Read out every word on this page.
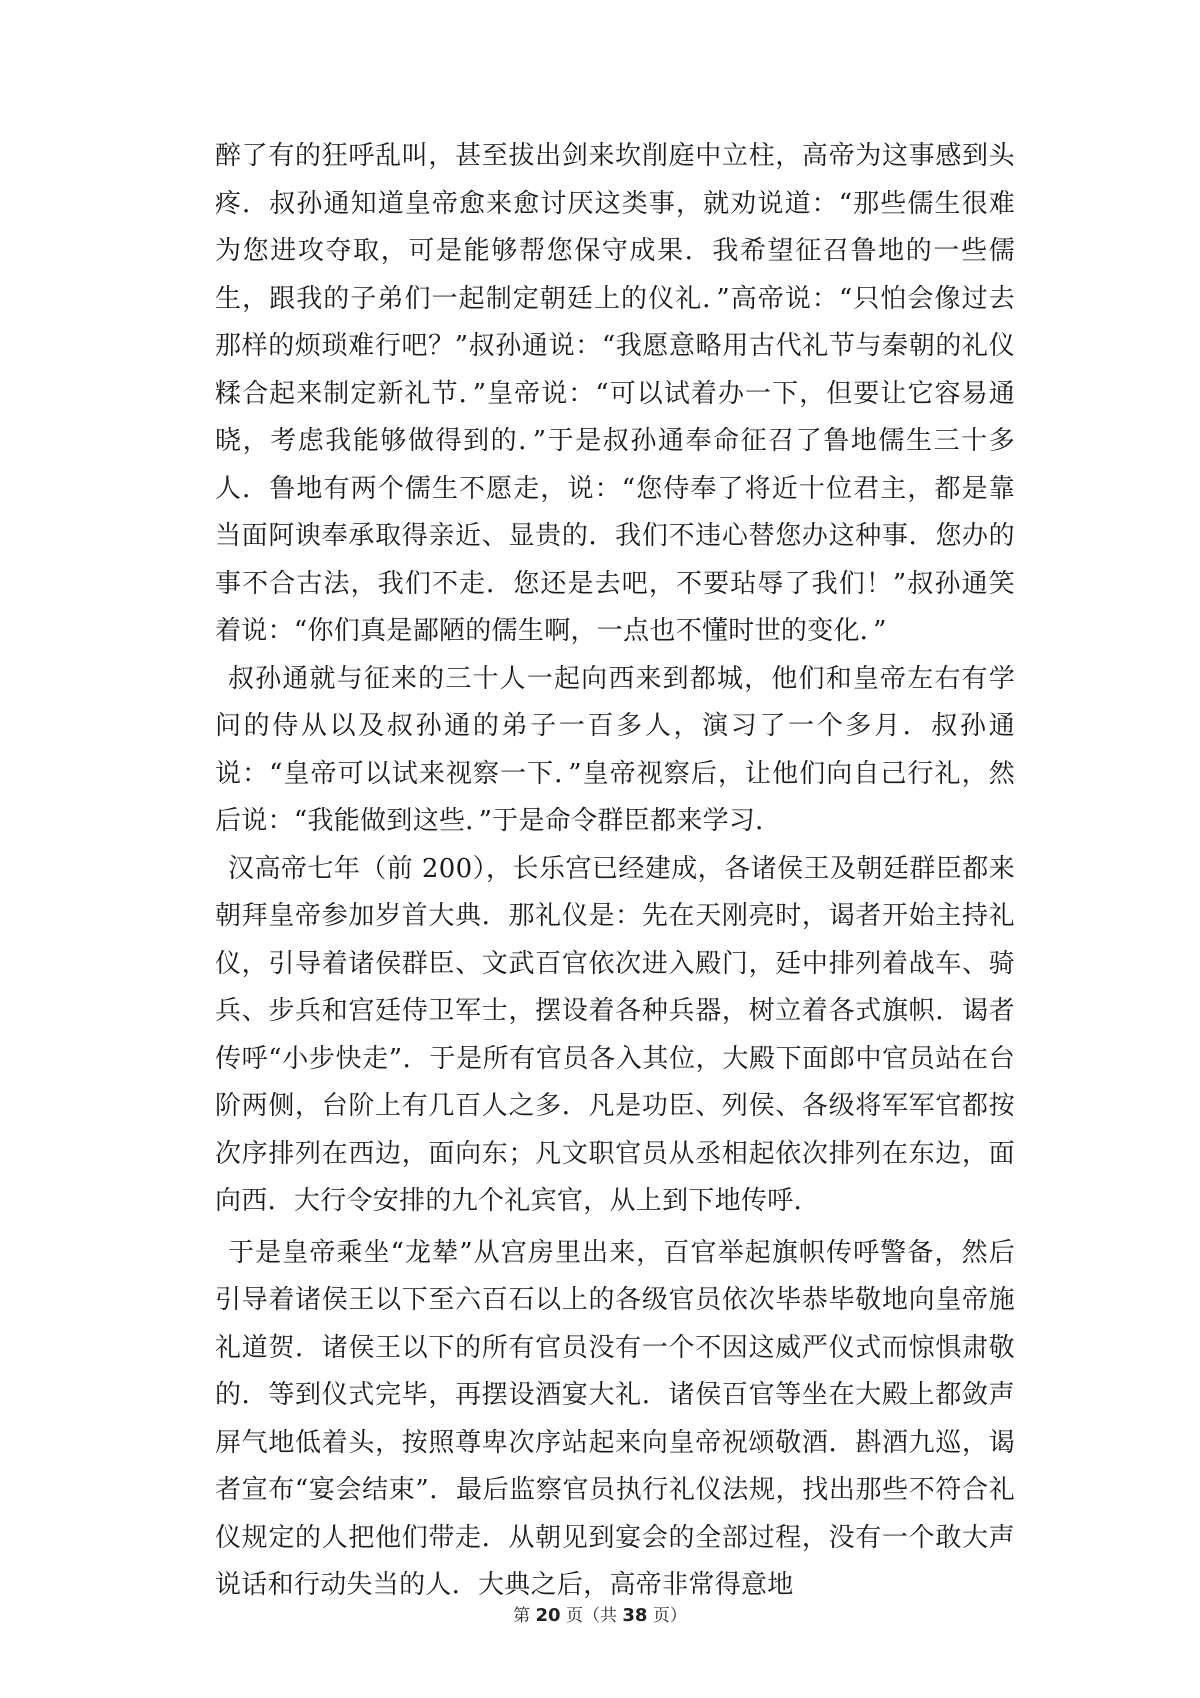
醉了有的狂呼乱叫，甚至拔出剑来坎削庭中立柱，高帝为这事感到头疼．叔孙通知道皇帝愈来愈讨厌这类事，就劝说道：“那些儒生很难为您进攻夺取，可是能够帮您保守成果．我希望征召鲁地的一些儒生，跟我的子弟们一起制定朝廷上的仪礼．”高帝说：“只怕会像过去那样的烦琐难行吧？”叔孙通说：“我愿意略用古代礼节与秦朝的礼仪糅合起来制定新礼节．”皇帝说：“可以试着办一下，但要让它容易通晓，考虑我能够做得到的．”于是叔孙通奉命征召了鲁地儒生三十多人．鲁地有两个儒生不愿走，说：“您侍奉了将近十位君主，都是靠当面阿谀奉承取得亲近、显贵的．我们不违心替您办这种事．您办的事不合古法，我们不走．您还是去吧，不要玷辱了我们！”叔孙通笑着说：“你们真是鄙陋的儒生啊，一点也不懂时世的变化．”

叔孙通就与征来的三十人一起向西来到都城，他们和皇帝左右有学问的侍从以及叔孙通的弟子一百多人，演习了一个多月．叔孙通说：“皇帝可以试来视察一下．”皇帝视察后，让他们向自己行礼，然后说：“我能做到这些．”于是命令群臣都来学习．

汉高帝七年（前 200），长乐宫已经建成，各诸侯王及朝廷群臣都来朝拜皇帝参加岁首大典．那礼仪是：先在天刚亮时，谒者开始主持礼仪，引导着诸侯群臣、文武百官依次进入殿门，廷中排列着战车、骑兵、步兵和宫廷侍卫军士，摆设着各种兵器，树立着各式旗帜．谒者传呼“小步快走”．于是所有官员各入其位，大殿下面郎中官员站在台阶两侧，台阶上有几百人之多．凡是功臣、列侯、各级将军军官都按次序排列在西边，面向东；凡文职官员从丞相起依次排列在东边，面向西．大行令安排的九个礼宾官，从上到下地传呼．

于是皇帝乘坐“龙辇”从宫房里出来，百官举起旗帜传呼警备，然后引导着诸侯王以下至六百石以上的各级官员依次毕恭毕敬地向皇帝施礼道贺．诸侯王以下的所有官员没有一个不因这威严仪式而惊惧肃敬的．等到仪式完毕，再摆设酒宴大礼．诸侯百官等坐在大殿上都敛声屏气地低着头，按照尊卑次序站起来向皇帝祝颂敬酒．斟酒九巡，谒者宣布“宴会结束”．最后监察官员执行礼仪法规，找出那些不符合礼仪规定的人把他们带走．从朝见到宴会的全部过程，没有一个敢大声说话和行动失当的人．大典之后，高帝非常得意地

第 20 页（共 38 页）
